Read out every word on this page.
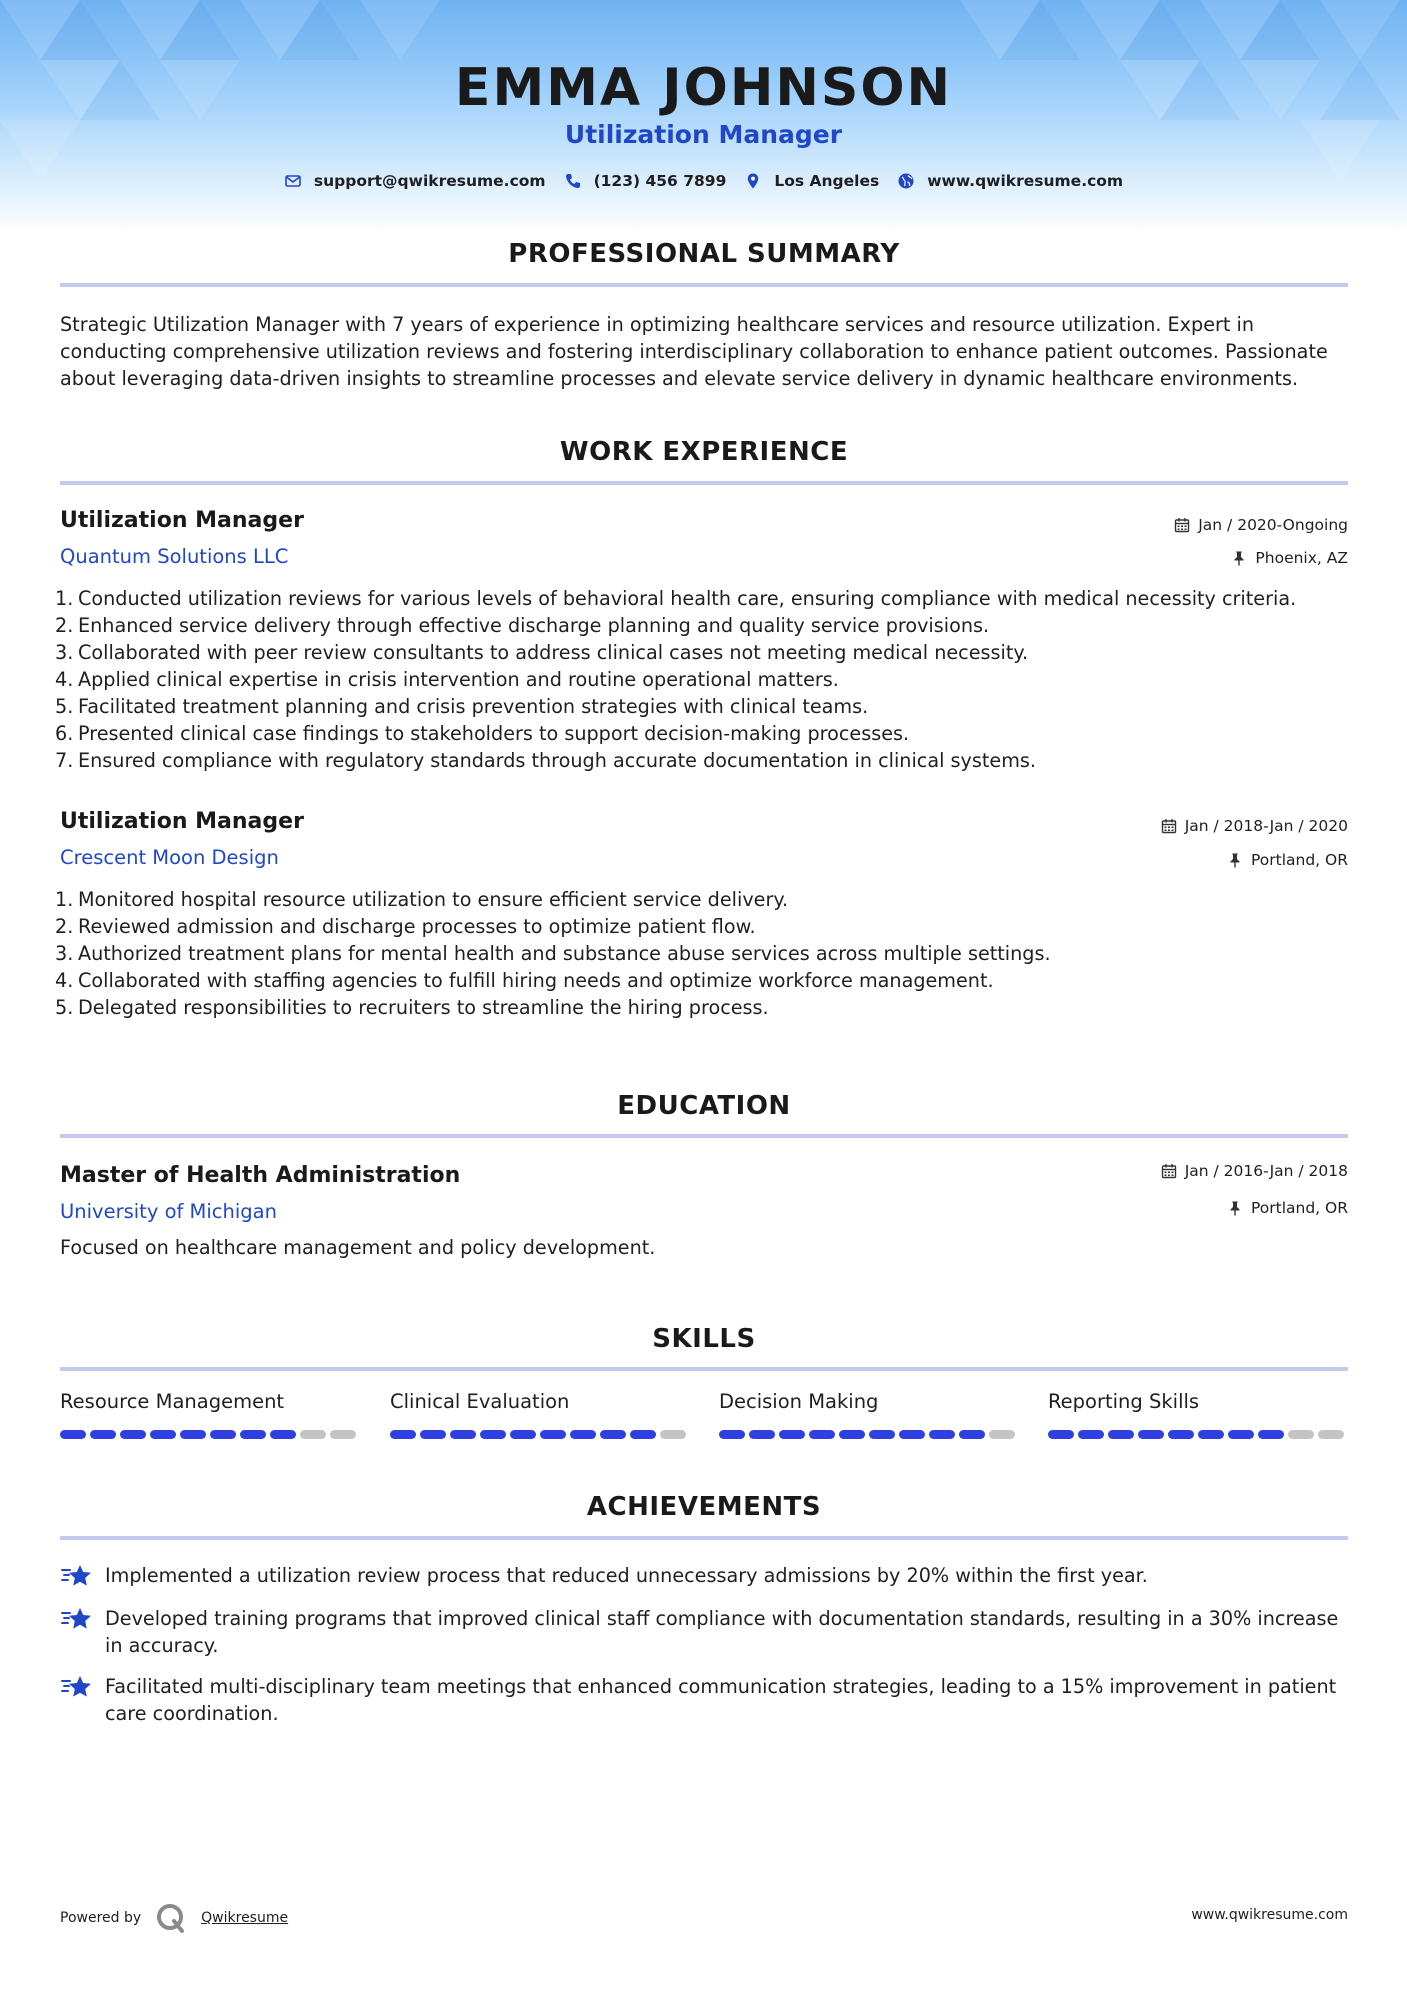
EMMA JOHNSON
Utilization Manager
support@qwikresume.com	(123) 456 7899	Los Angeles	www.qwikresume.com
PROFESSIONAL SUMMARY
Strategic Utilization Manager with 7 years of experience in optimizing healthcare services and resource utilization. Expert in conducting comprehensive utilization reviews and fostering interdisciplinary collaboration to enhance patient outcomes. Passionate about leveraging data-driven insights to streamline processes and elevate service delivery in dynamic healthcare environments.
WORK EXPERIENCE
Utilization Manager
Quantum Solutions LLC
Jan / 2020-Ongoing
Phoenix, AZ
1. Conducted utilization reviews for various levels of behavioral health care, ensuring compliance with medical necessity criteria.
2. Enhanced service delivery through effective discharge planning and quality service provisions.
3. Collaborated with peer review consultants to address clinical cases not meeting medical necessity.
4. Applied clinical expertise in crisis intervention and routine operational matters.
5. Facilitated treatment planning and crisis prevention strategies with clinical teams.
6. Presented clinical case findings to stakeholders to support decision-making processes.
7. Ensured compliance with regulatory standards through accurate documentation in clinical systems.
Utilization Manager
Crescent Moon Design
Jan / 2018-Jan / 2020
Portland, OR
1. Monitored hospital resource utilization to ensure efficient service delivery.
2. Reviewed admission and discharge processes to optimize patient flow.
3. Authorized treatment plans for mental health and substance abuse services across multiple settings.
4. Collaborated with staffing agencies to fulfill hiring needs and optimize workforce management.
5. Delegated responsibilities to recruiters to streamline the hiring process.
EDUCATION
Master of Health Administration
University of Michigan
Jan / 2016-Jan / 2018
Portland, OR
Focused on healthcare management and policy development.
SKILLS
Resource Management	Clinical Evaluation	Decision Making	Reporting Skills
ACHIEVEMENTS
Implemented a utilization review process that reduced unnecessary admissions by 20% within the first year.
Developed training programs that improved clinical staff compliance with documentation standards, resulting in a 30% increase in accuracy.
Facilitated multi-disciplinary team meetings that enhanced communication strategies, leading to a 15% improvement in patient care coordination.
Powered by	Qwikresume	www.qwikresume.com
